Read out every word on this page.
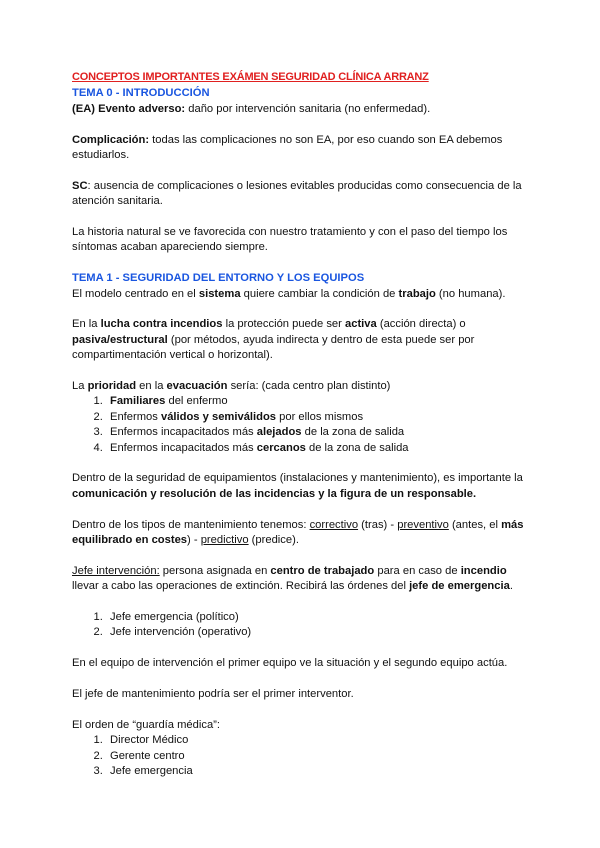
CONCEPTOS IMPORTANTES EXÁMEN SEGURIDAD CLÍNICA ARRANZ

TEMA 0 - INTRODUCCIÓN

(EA) Evento adverso: daño por intervención sanitaria (no enfermedad).

Complicación: todas las complicaciones no son EA, por eso cuando son EA debemos estudiarlos.

SC: ausencia de complicaciones o lesiones evitables producidas como consecuencia de la atención sanitaria.

La historia natural se ve favorecida con nuestro tratamiento y con el paso del tiempo los síntomas acaban apareciendo siempre.

TEMA 1 - SEGURIDAD DEL ENTORNO Y LOS EQUIPOS

El modelo centrado en el sistema quiere cambiar la condición de trabajo (no humana).

En la lucha contra incendios la protección puede ser activa (acción directa) o pasiva/estructural (por métodos, ayuda indirecta y dentro de esta puede ser por compartimentación vertical o horizontal).

La prioridad en la evacuación sería: (cada centro plan distinto)

1. Familiares del enfermo
2. Enfermos válidos y semiválidos por ellos mismos
3. Enfermos incapacitados más alejados de la zona de salida
4. Enfermos incapacitados más cercanos de la zona de salida

Dentro de la seguridad de equipamientos (instalaciones y mantenimiento), es importante la comunicación y resolución de las incidencias y la figura de un responsable.

Dentro de los tipos de mantenimiento tenemos: correctivo (tras) - preventivo (antes, el más equilibrado en costes) - predictivo (predice).

Jefe intervención: persona asignada en centro de trabajado para en caso de incendio llevar a cabo las operaciones de extinción. Recibirá las órdenes del jefe de emergencia.

1. Jefe emergencia (político)
2. Jefe intervención (operativo)

En el equipo de intervención el primer equipo ve la situación y el segundo equipo actúa.

El jefe de mantenimiento podría ser el primer interventor.

El orden de “guardía médica”:

1. Director Médico
2. Gerente centro
3. Jefe emergencia
